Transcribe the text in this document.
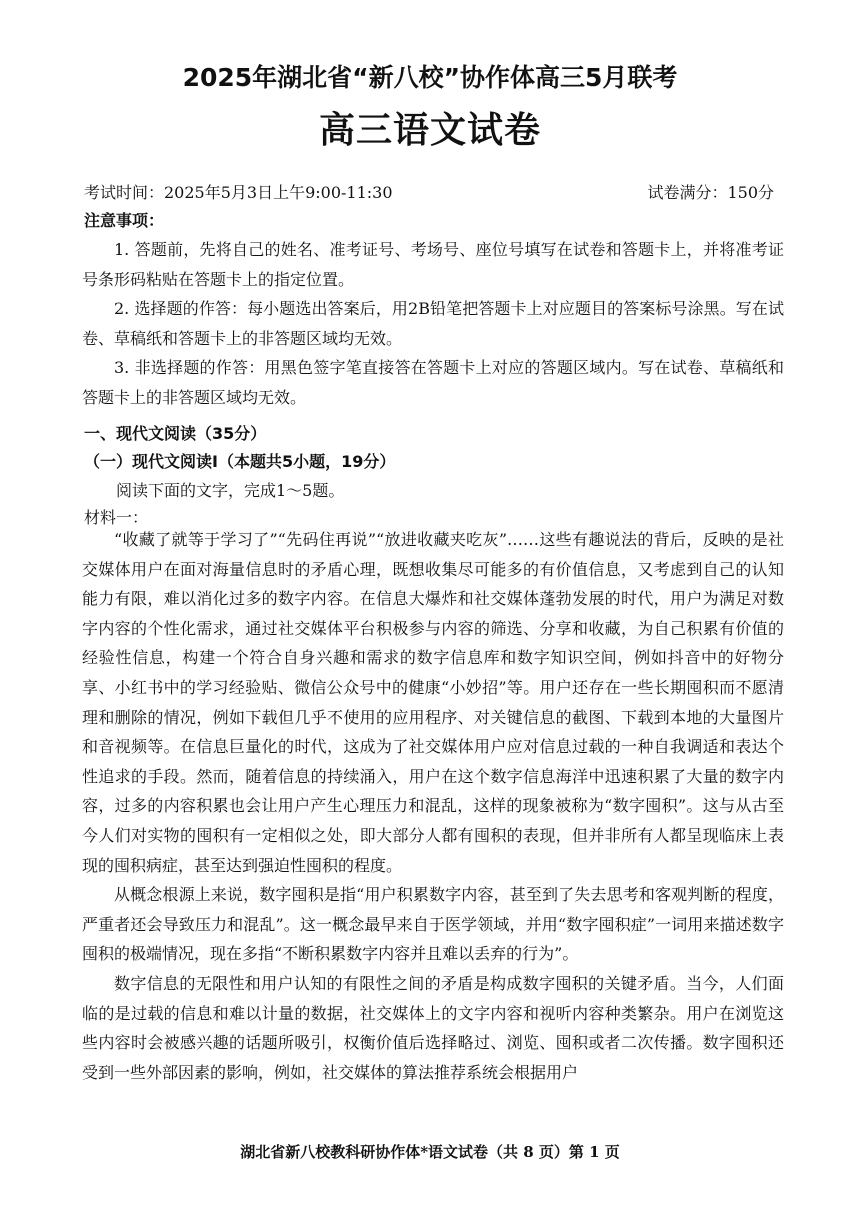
2025年湖北省“新八校”协作体高三5月联考
高三语文试卷
考试时间：2025年5月3日上午9:00-11:30	试卷满分：150分
注意事项：

1. 答题前，先将自己的姓名、准考证号、考场号、座位号填写在试卷和答题卡上，并将准考证号条形码粘贴在答题卡上的指定位置。

2. 选择题的作答：每小题选出答案后，用2B铅笔把答题卡上对应题目的答案标号涂黑。写在试卷、草稿纸和答题卡上的非答题区域均无效。

3. 非选择题的作答：用黑色签字笔直接答在答题卡上对应的答题区域内。写在试卷、草稿纸和答题卡上的非答题区域均无效。

一、现代文阅读（35分）
（一）现代文阅读Ⅰ（本题共5小题，19分）
阅读下面的文字，完成1～5题。
材料一：

“收藏了就等于学习了”“先码住再说”“放进收藏夹吃灰”……这些有趣说法的背后，反映的是社交媒体用户在面对海量信息时的矛盾心理，既想收集尽可能多的有价值信息，又考虑到自己的认知能力有限，难以消化过多的数字内容。在信息大爆炸和社交媒体蓬勃发展的时代，用户为满足对数字内容的个性化需求，通过社交媒体平台积极参与内容的筛选、分享和收藏，为自己积累有价值的经验性信息，构建一个符合自身兴趣和需求的数字信息库和数字知识空间，例如抖音中的好物分享、小红书中的学习经验贴、微信公众号中的健康“小妙招”等。用户还存在一些长期囤积而不愿清理和删除的情况，例如下载但几乎不使用的应用程序、对关键信息的截图、下载到本地的大量图片和音视频等。在信息巨量化的时代，这成为了社交媒体用户应对信息过载的一种自我调适和表达个性追求的手段。然而，随着信息的持续涌入，用户在这个数字信息海洋中迅速积累了大量的数字内容，过多的内容积累也会让用户产生心理压力和混乱，这样的现象被称为“数字囤积”。这与从古至今人们对实物的囤积有一定相似之处，即大部分人都有囤积的表现，但并非所有人都呈现临床上表现的囤积病症，甚至达到强迫性囤积的程度。

从概念根源上来说，数字囤积是指“用户积累数字内容，甚至到了失去思考和客观判断的程度，严重者还会导致压力和混乱”。这一概念最早来自于医学领域，并用“数字囤积症”一词用来描述数字囤积的极端情况，现在多指“不断积累数字内容并且难以丢弃的行为”。

数字信息的无限性和用户认知的有限性之间的矛盾是构成数字囤积的关键矛盾。当今，人们面临的是过载的信息和难以计量的数据，社交媒体上的文字内容和视听内容种类繁杂。用户在浏览这些内容时会被感兴趣的话题所吸引，权衡价值后选择略过、浏览、囤积或者二次传播。数字囤积还受到一些外部因素的影响，例如，社交媒体的算法推荐系统会根据用户

湖北省新八校教科研协作体*语文试卷（共 8 页）第 1 页
